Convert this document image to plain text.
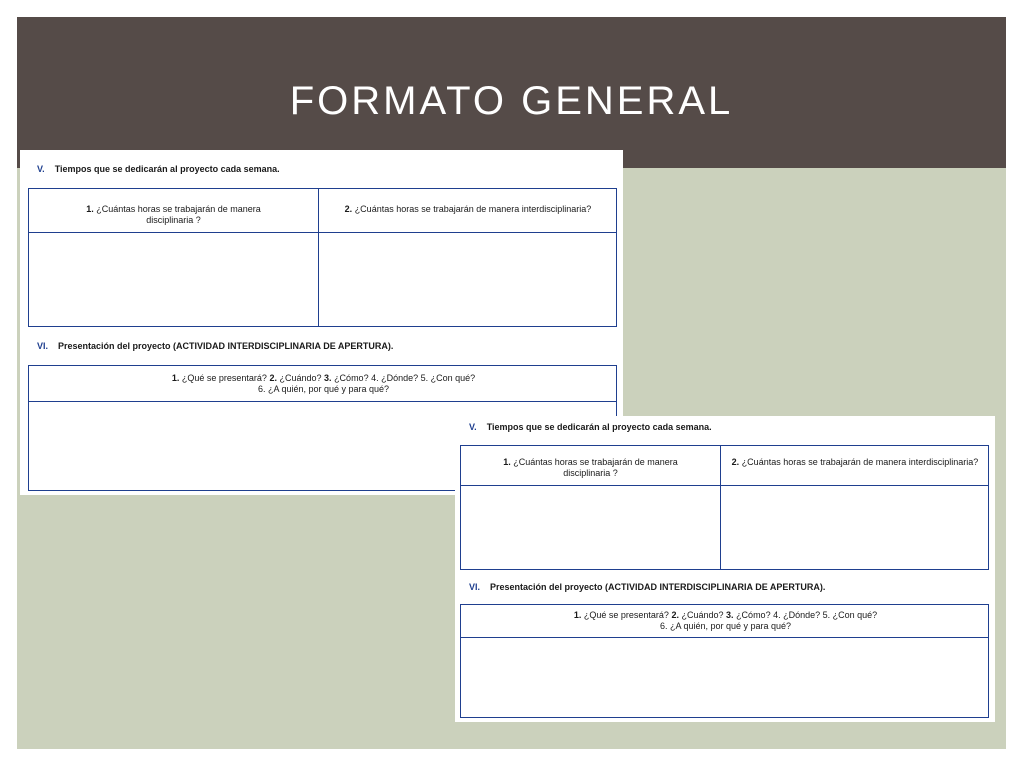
FORMATO GENERAL
V. Tiempos que se dedicarán al proyecto cada semana.
1. ¿Cuántas horas se trabajarán de manera
disciplinaria ?
2. ¿Cuántas horas se trabajarán de manera interdisciplinaria?
VI. Presentación del proyecto (ACTIVIDAD INTERDISCIPLINARIA DE APERTURA).
1. ¿Qué se presentará? 2. ¿Cuándo? 3. ¿Cómo? 4. ¿Dónde? 5. ¿Con qué?
6. ¿A quién, por qué y para qué?
V. Tiempos que se dedicarán al proyecto cada semana.
1. ¿Cuántas horas se trabajarán de manera
disciplinaria ?
2. ¿Cuántas horas se trabajarán de manera interdisciplinaria?
VI. Presentación del proyecto (ACTIVIDAD INTERDISCIPLINARIA DE APERTURA).
1. ¿Qué se presentará? 2. ¿Cuándo? 3. ¿Cómo? 4. ¿Dónde? 5. ¿Con qué?
6. ¿A quién, por qué y para qué?
